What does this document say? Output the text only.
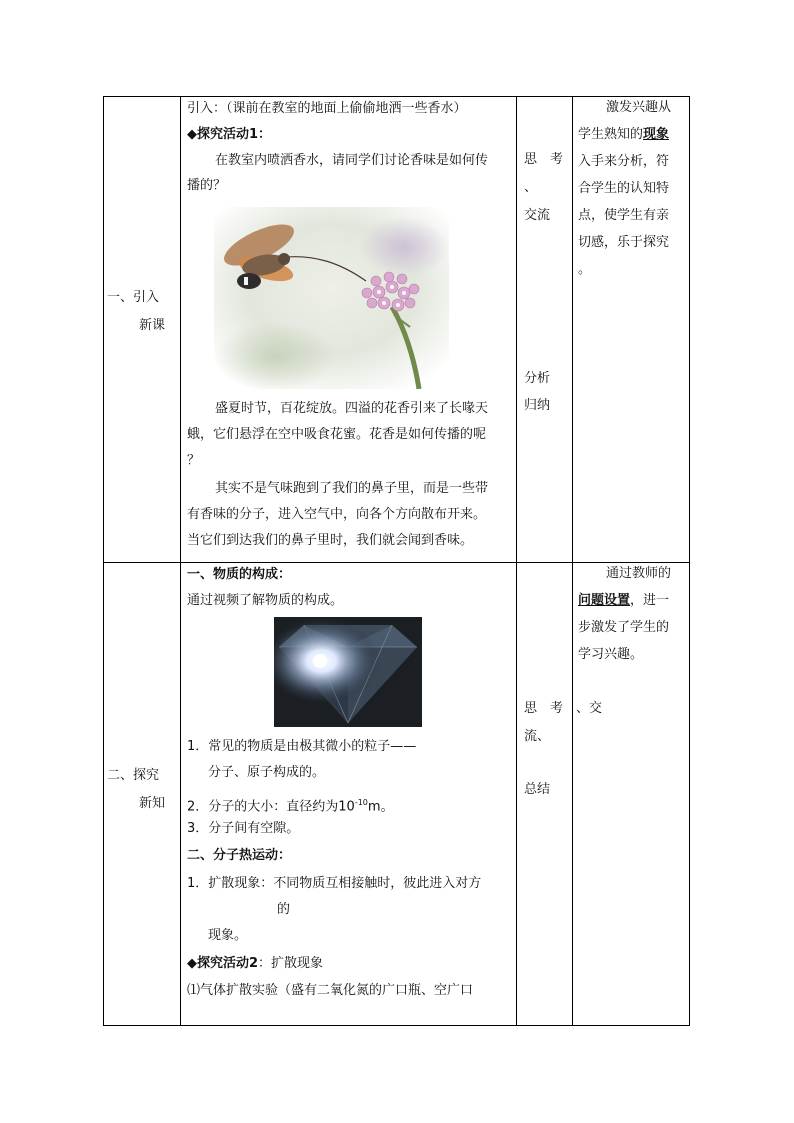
一、引入
新课
引入：（课前在教室的地面上偷偷地洒一些香水）
◆探究活动1：
在教室内喷洒香水，请同学们讨论香味是如何传
播的？
盛夏时节，百花绽放。四溢的花香引来了长喙天
蛾，它们悬浮在空中吸食花蜜。花香是如何传播的呢
？
其实不是气味跑到了我们的鼻子里，而是一些带
有香味的分子，进入空气中，向各个方向散布开来。
当它们到达我们的鼻子里时，我们就会闻到香味。
思　考
、
交流
分析
归纳
激发兴趣从
学生熟知的现象
入手来分析，符
合学生的认知特
点，使学生有亲
切感，乐于探究
。
二、探究
新知
一、物质的构成：
通过视频了解物质的构成。
1．常见的物质是由极其微小的粒子——
分子、原子构成的。
2．分子的大小：直径约为$10^{-10}m$。
3．分子间有空隙。
二、分子热运动：
1．扩散现象：不同物质互相接触时，彼此进入对方
的
现象。
◆探究活动2：扩散现象
⑴气体扩散实验（盛有二氧化氮的广口瓶、空广口
思　考　、交
流、
总结
通过教师的
问题设置，进一
步激发了学生的
学习兴趣。
